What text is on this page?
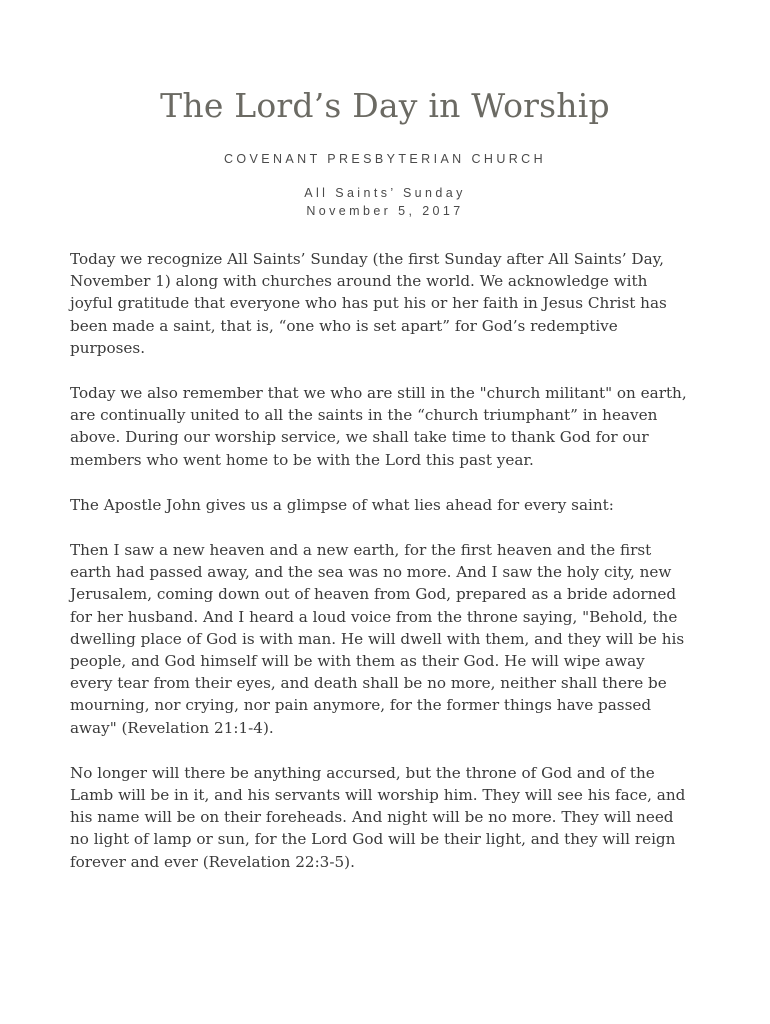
The Lord’s Day in Worship
COVENANT PRESBYTERIAN CHURCH
All Saints’ Sunday
November 5, 2017

Today we recognize All Saints’ Sunday (the first Sunday after All Saints’ Day, November 1) along with churches around the world. We acknowledge with joyful gratitude that everyone who has put his or her faith in Jesus Christ has been made a saint, that is, “one who is set apart” for God’s redemptive purposes.

Today we also remember that we who are still in the "church militant" on earth, are continually united to all the saints in the “church triumphant” in heaven above. During our worship service, we shall take time to thank God for our members who went home to be with the Lord this past year.

The Apostle John gives us a glimpse of what lies ahead for every saint:

Then I saw a new heaven and a new earth, for the first heaven and the first earth had passed away, and the sea was no more. And I saw the holy city, new Jerusalem, coming down out of heaven from God, prepared as a bride adorned for her husband. And I heard a loud voice from the throne saying, "Behold, the dwelling place of God is with man. He will dwell with them, and they will be his people, and God himself will be with them as their God. He will wipe away every tear from their eyes, and death shall be no more, neither shall there be mourning, nor crying, nor pain anymore, for the former things have passed away" (Revelation 21:1-4).

No longer will there be anything accursed, but the throne of God and of the Lamb will be in it, and his servants will worship him. They will see his face, and his name will be on their foreheads. And night will be no more. They will need no light of lamp or sun, for the Lord God will be their light, and they will reign forever and ever (Revelation 22:3-5).
